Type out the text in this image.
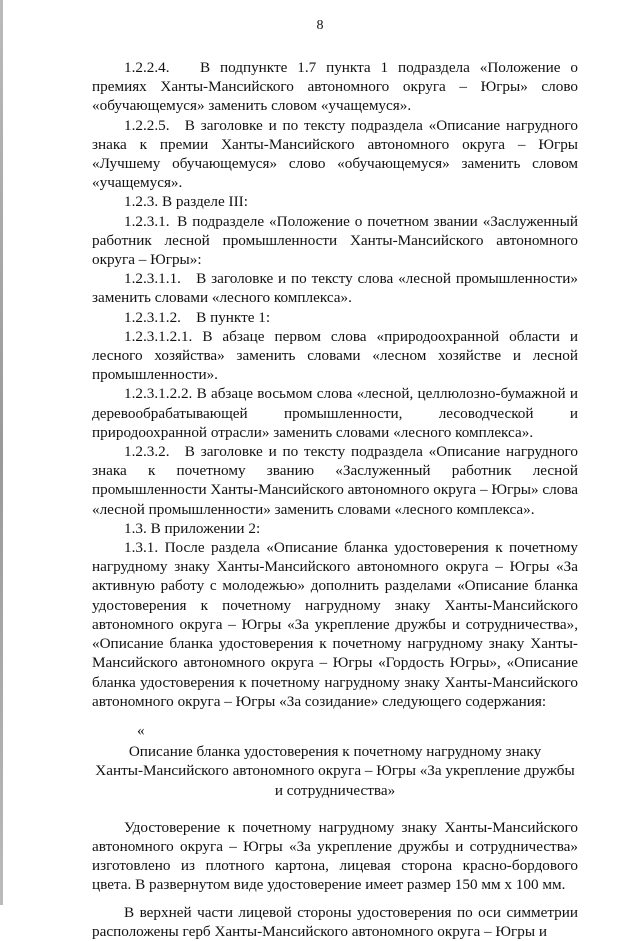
8

1.2.2.4.  В подпункте 1.7 пункта 1 подраздела «Положение о премиях Ханты-Мансийского автономного округа – Югры» слово «обучающемуся» заменить словом «учащемуся».

1.2.2.5. В заголовке и по тексту подраздела «Описание нагрудного знака к премии Ханты-Мансийского автономного округа – Югры «Лучшему обучающемуся» слово «обучающемуся» заменить словом «учащемуся».

1.2.3. В разделе III:

1.2.3.1. В подразделе «Положение о почетном звании «Заслуженный работник лесной промышленности Ханты-Мансийского автономного округа – Югры»:

1.2.3.1.1. В заголовке и по тексту слова «лесной промышленности» заменить словами «лесного комплекса».

1.2.3.1.2. В пункте 1:

1.2.3.1.2.1. В абзаце первом слова «природоохранной области и лесного хозяйства» заменить словами «лесном хозяйстве и лесной промышленности».

1.2.3.1.2.2. В абзаце восьмом слова «лесной, целлюлозно-бумажной и деревообрабатывающей промышленности, лесоводческой и природоохранной отрасли» заменить словами «лесного комплекса».

1.2.3.2. В заголовке и по тексту подраздела «Описание нагрудного знака к почетному званию «Заслуженный работник лесной промышленности Ханты-Мансийского автономного округа – Югры» слова «лесной промышленности» заменить словами «лесного комплекса».

1.3. В приложении 2:

1.3.1. После раздела «Описание бланка удостоверения к почетному нагрудному знаку Ханты-Мансийского автономного округа – Югры «За активную работу с молодежью» дополнить разделами «Описание бланка удостоверения к почетному нагрудному знаку Ханты-Мансийского автономного округа – Югры «За укрепление дружбы и сотрудничества», «Описание бланка удостоверения к почетному нагрудному знаку Ханты-Мансийского автономного округа – Югры «Гордость Югры», «Описание бланка удостоверения к почетному нагрудному знаку Ханты-Мансийского автономного округа – Югры «За созидание» следующего содержания:

«

Описание бланка удостоверения к почетному нагрудному знаку
Ханты-Мансийского автономного округа – Югры «За укрепление дружбы
и сотрудничества»

Удостоверение к почетному нагрудному знаку Ханты-Мансийского автономного округа – Югры «За укрепление дружбы и сотрудничества» изготовлено из плотного картона, лицевая сторона красно-бордового цвета. В развернутом виде удостоверение имеет размер 150 мм x 100 мм.

В верхней части лицевой стороны удостоверения по оси симметрии расположены герб Ханты-Мансийского автономного округа – Югры и
